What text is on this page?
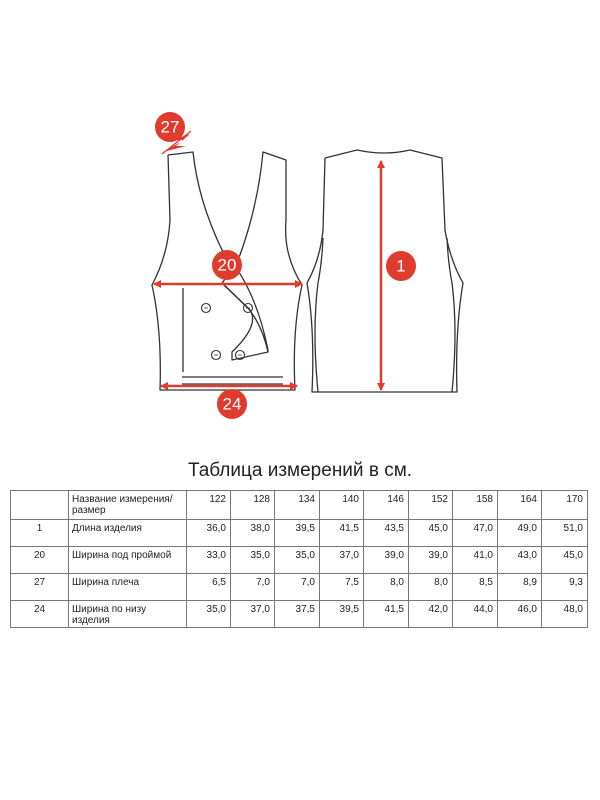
27
20	1
24
Таблица измерений в см.
	Название измерения/размер	122	128	134	140	146	152	158	164	170
1	Длина изделия	36,0	38,0	39,5	41,5	43,5	45,0	47,0	49,0	51,0
20	Ширина под проймой	33,0	35,0	35,0	37,0	39,0	39,0	41,0	43,0	45,0
27	Ширина плеча	6,5	7,0	7,0	7,5	8,0	8,0	8,5	8,9	9,3
24	Ширина по низу изделия	35,0	37,0	37,5	39,5	41,5	42,0	44,0	46,0	48,0
